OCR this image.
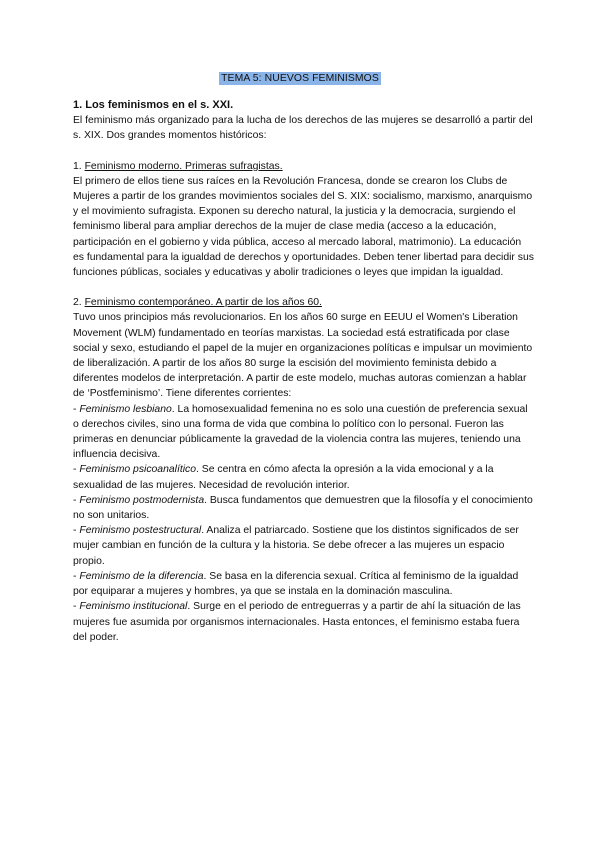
TEMA 5: NUEVOS FEMINISMOS

1. Los feminismos en el s. XXI.

El feminismo más organizado para la lucha de los derechos de las mujeres se desarrolló a partir del s. XIX. Dos grandes momentos históricos:

1. Feminismo moderno. Primeras sufragistas.

El primero de ellos tiene sus raíces en la Revolución Francesa, donde se crearon los Clubs de Mujeres a partir de los grandes movimientos sociales del S. XIX: socialismo, marxismo, anarquismo y el movimiento sufragista. Exponen su derecho natural, la justicia y la democracia, surgiendo el feminismo liberal para ampliar derechos de la mujer de clase media (acceso a la educación, participación en el gobierno y vida pública, acceso al mercado laboral, matrimonio). La educación es fundamental para la igualdad de derechos y oportunidades. Deben tener libertad para decidir sus funciones públicas, sociales y educativas y abolir tradiciones o leyes que impidan la igualdad.

2. Feminismo contemporáneo. A partir de los años 60.

Tuvo unos principios más revolucionarios. En los años 60 surge en EEUU el Women's Liberation Movement (WLM) fundamentado en teorías marxistas. La sociedad está estratificada por clase social y sexo, estudiando el papel de la mujer en organizaciones políticas e impulsar un movimiento de liberalización. A partir de los años 80 surge la escisión del movimiento feminista debido a diferentes modelos de interpretación. A partir de este modelo, muchas autoras comienzan a hablar de ‘Postfeminismo’. Tiene diferentes corrientes:

- Feminismo lesbiano. La homosexualidad femenina no es solo una cuestión de preferencia sexual o derechos civiles, sino una forma de vida que combina lo político con lo personal. Fueron las primeras en denunciar públicamente la gravedad de la violencia contra las mujeres, teniendo una influencia decisiva.

- Feminismo psicoanalítico. Se centra en cómo afecta la opresión a la vida emocional y a la sexualidad de las mujeres. Necesidad de revolución interior.

- Feminismo postmodernista. Busca fundamentos que demuestren que la filosofía y el conocimiento no son unitarios.

- Feminismo postestructural. Analiza el patriarcado. Sostiene que los distintos significados de ser mujer cambian en función de la cultura y la historia. Se debe ofrecer a las mujeres un espacio propio.

- Feminismo de la diferencia. Se basa en la diferencia sexual. Crítica al feminismo de la igualdad por equiparar a mujeres y hombres, ya que se instala en la dominación masculina.

- Feminismo institucional. Surge en el periodo de entreguerras y a partir de ahí la situación de las mujeres fue asumida por organismos internacionales. Hasta entonces, el feminismo estaba fuera del poder.
